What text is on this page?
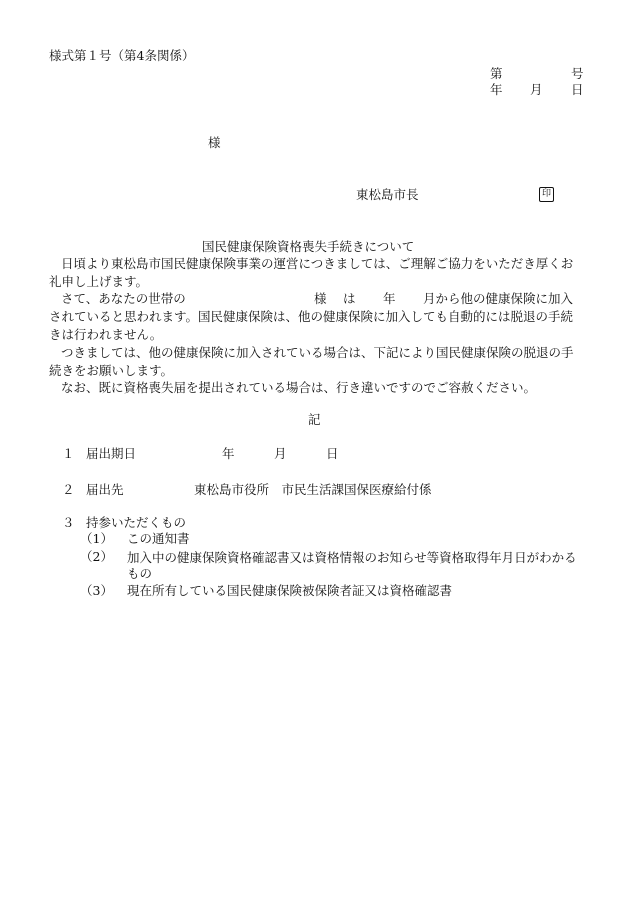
様式第１号（第4条関係）
第	号
年 月 日
様
東松島市長	印
国民健康保険資格喪失手続きについて
日頃より東松島市国民健康保険事業の運営につきましては、ご理解ご協力をいただき厚くお礼申し上げます。
さて、あなたの世帯の	様 は 年 月から他の健康保険に加入
されていると思われます。国民健康保険は、他の健康保険に加入しても自動的には脱退の手続きは行われません。
つきましては、他の健康保険に加入されている場合は、下記により国民健康保険の脱退の手続きをお願いします。
なお、既に資格喪失届を提出されている場合は、行き違いですのでご容赦ください。
記
１ 届出期日	年	月	日
２ 届出先	東松島市役所　市民生活課国保医療給付係
３ 持参いただくもの
（1） この通知書
（2） 加入中の健康保険資格確認書又は資格情報のお知らせ等資格取得年月日がわかるもの
（3） 現在所有している国民健康保険被保険者証又は資格確認書
